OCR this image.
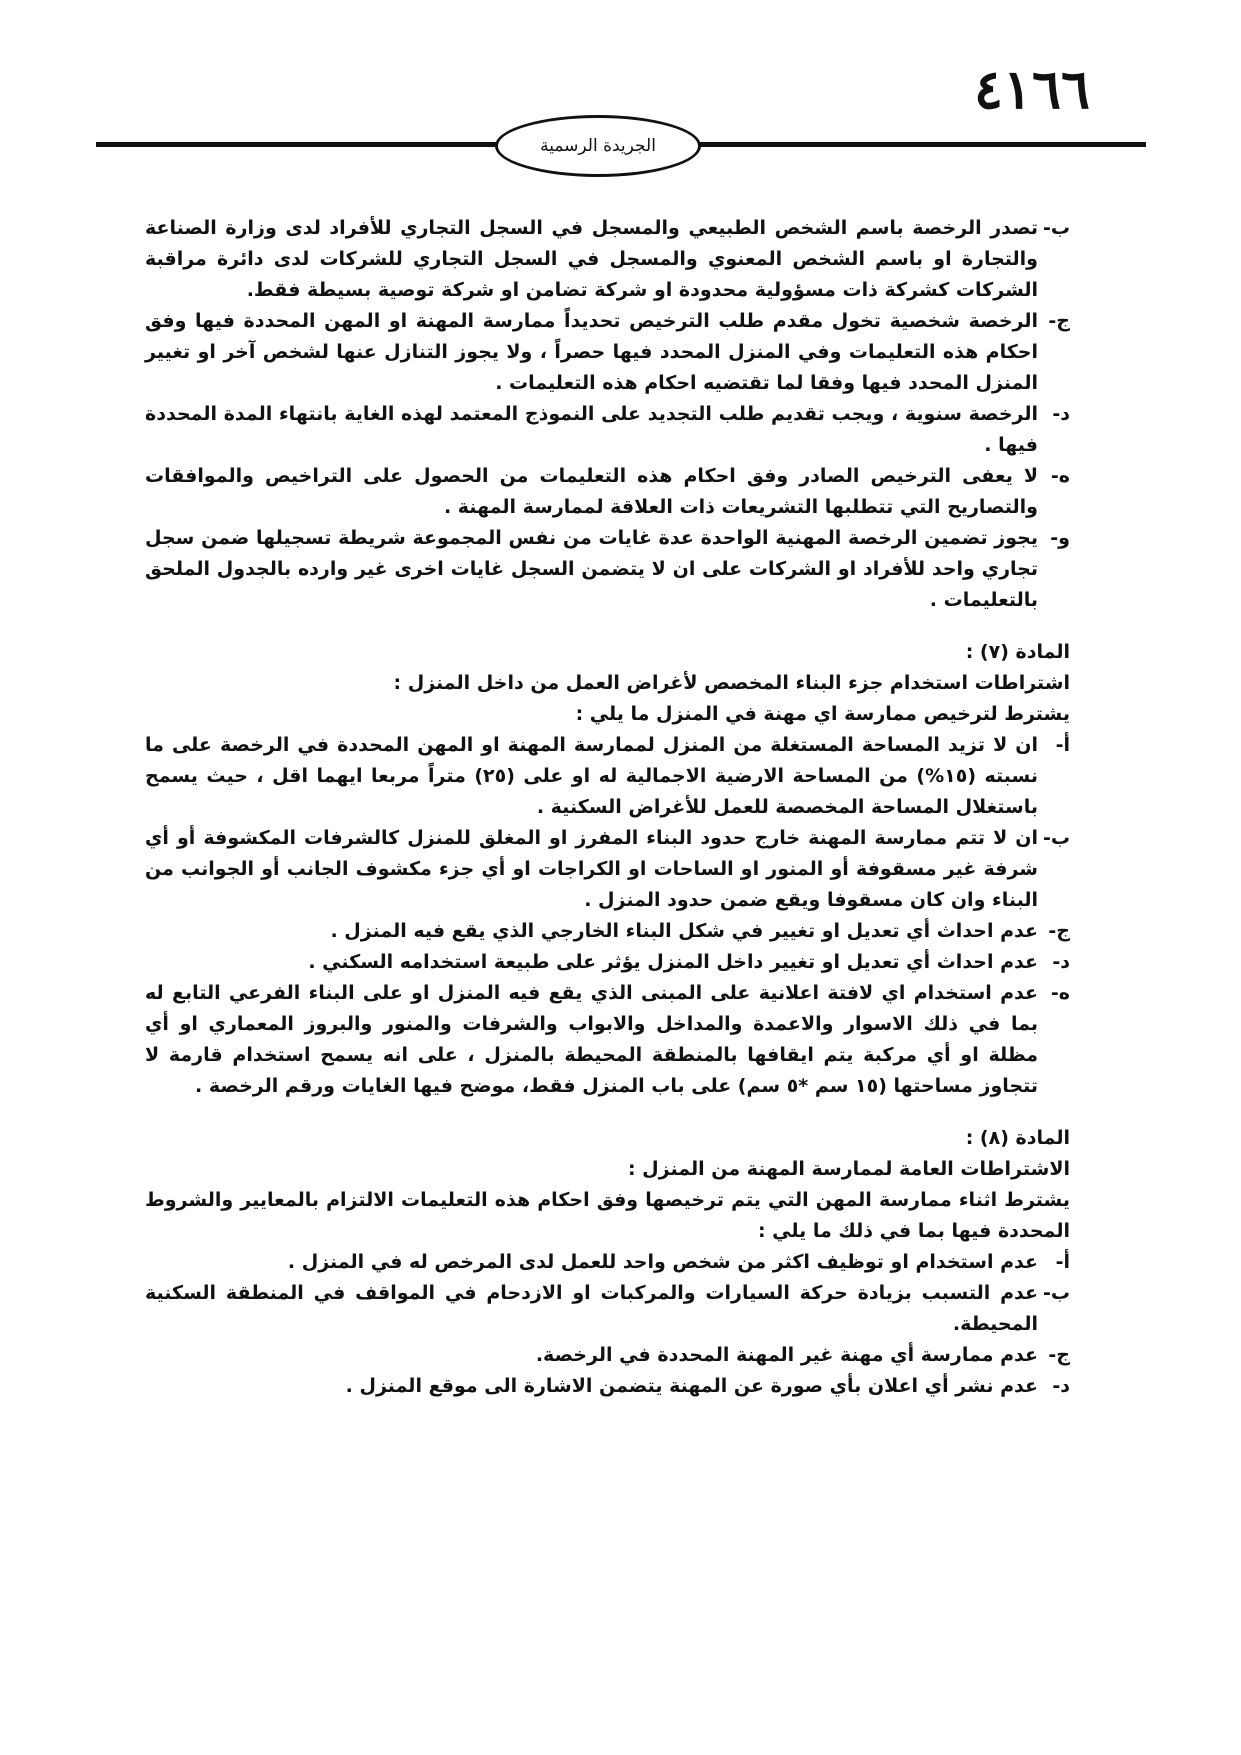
٤١٦٦
الجريدة الرسمية
ب-
تصدر الرخصة باسم الشخص الطبيعي والمسجل في السجل التجاري للأفراد لدى وزارة الصناعة والتجارة او باسم الشخص المعنوي والمسجل في السجل التجاري للشركات لدى دائرة مراقبة الشركات كشركة ذات مسؤولية محدودة او شركة تضامن او شركة توصية بسيطة فقط.
ج-
الرخصة شخصية تخول مقدم طلب الترخيص تحديداً ممارسة المهنة او المهن المحددة فيها وفق احكام هذه التعليمات وفي المنزل المحدد فيها حصراً ، ولا يجوز التنازل عنها لشخص آخر او تغيير المنزل المحدد فيها وفقا لما تقتضيه احكام هذه التعليمات .
د-
الرخصة سنوية ، ويجب تقديم طلب التجديد على النموذج المعتمد لهذه الغاية بانتهاء المدة المحددة فيها .
ه-
لا يعفى الترخيص الصادر وفق احكام هذه التعليمات من الحصول على التراخيص والموافقات والتصاريح التي تتطلبها التشريعات ذات العلاقة لممارسة المهنة .
و-
يجوز تضمين الرخصة المهنية الواحدة عدة غايات من نفس المجموعة شريطة تسجيلها ضمن سجل تجاري واحد للأفراد او الشركات على ان لا يتضمن السجل غايات اخرى غير وارده بالجدول الملحق بالتعليمات .
المادة (٧) :
اشتراطات استخدام جزء البناء المخصص لأغراض العمل من داخل المنزل :
يشترط لترخيص ممارسة اي مهنة في المنزل ما يلي :
أ-
ان لا تزيد المساحة المستغلة من المنزل لممارسة المهنة او المهن المحددة في الرخصة على ما نسبته (١٥%) من المساحة الارضية الاجمالية له او على (٢٥) متراً مربعا ايهما اقل ، حيث يسمح باستغلال المساحة المخصصة للعمل للأغراض السكنية .
ب-
ان لا تتم ممارسة المهنة خارج حدود البناء المفرز او المغلق للمنزل كالشرفات المكشوفة أو أي شرفة غير مسقوفة أو المنور او الساحات او الكراجات او أي جزء مكشوف الجانب أو الجوانب من البناء وان كان مسقوفا ويقع ضمن حدود المنزل .
ج-
عدم احداث أي تعديل او تغيير في شكل البناء الخارجي الذي يقع فيه المنزل .
د-
عدم احداث أي تعديل او تغيير داخل المنزل يؤثر على طبيعة استخدامه السكني .
ه-
عدم استخدام اي لافتة اعلانية على المبنى الذي يقع فيه المنزل او على البناء الفرعي التابع له بما في ذلك الاسوار والاعمدة والمداخل والابواب والشرفات والمنور والبروز المعماري او أي مظلة او أي مركبة يتم ايقافها بالمنطقة المحيطة بالمنزل ، على انه يسمح استخدام قارمة لا تتجاوز مساحتها (١٥ سم *٥ سم) على باب المنزل فقط، موضح فيها الغايات ورقم الرخصة .
المادة (٨) :
الاشتراطات العامة لممارسة المهنة من المنزل :
يشترط اثناء ممارسة المهن التي يتم ترخيصها وفق احكام هذه التعليمات الالتزام بالمعايير والشروط المحددة فيها بما في ذلك ما يلي :
أ-
عدم استخدام او توظيف اكثر من شخص واحد للعمل لدى المرخص له في المنزل .
ب-
عدم التسبب بزيادة حركة السيارات والمركبات او الازدحام في المواقف في المنطقة السكنية المحيطة.
ج-
عدم ممارسة أي مهنة غير المهنة المحددة في الرخصة.
د-
عدم نشر أي اعلان بأي صورة عن المهنة يتضمن الاشارة الى موقع المنزل .
